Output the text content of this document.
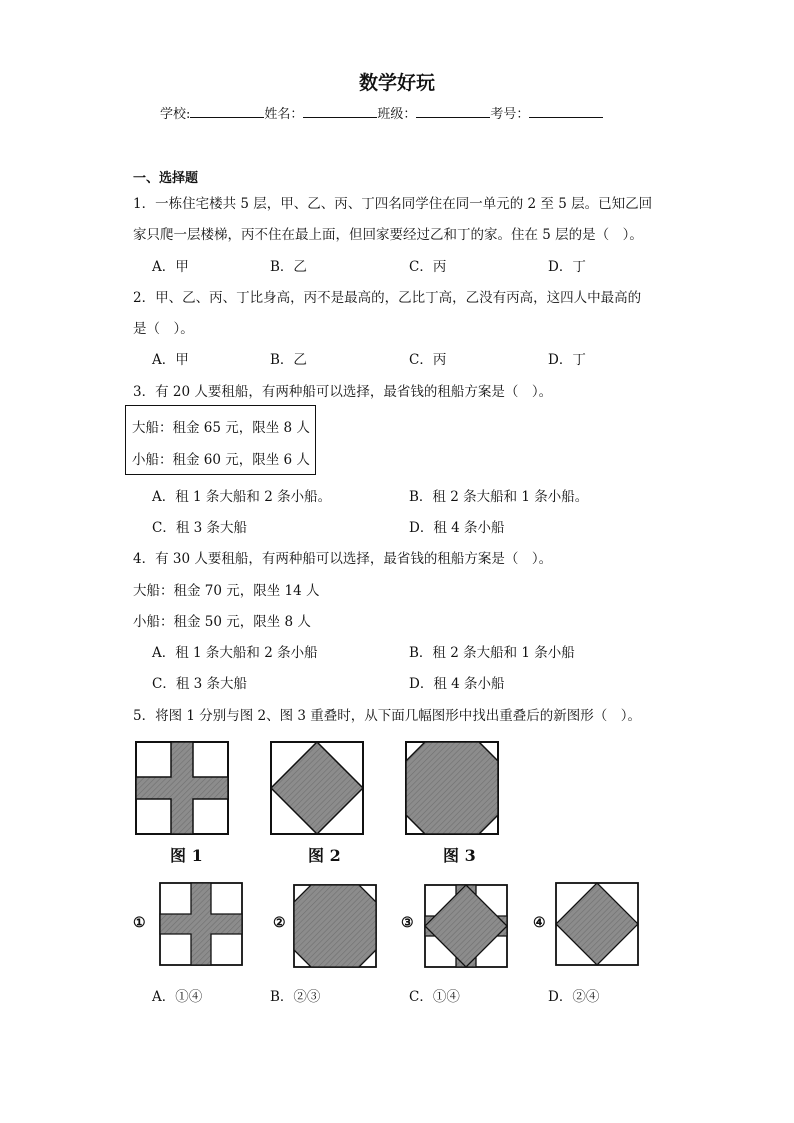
数学好玩
学校:	姓名：	班级：	考号：
一、选择题
1．一栋住宅楼共 5 层，甲、乙、丙、丁四名同学住在同一单元的 2 至 5 层。已知乙回
家只爬一层楼梯，丙不住在最上面，但回家要经过乙和丁的家。住在 5 层的是（　）。
A．甲	B．乙	C．丙	D．丁
2．甲、乙、丙、丁比身高，丙不是最高的，乙比丁高，乙没有丙高，这四人中最高的
是（　）。
A．甲	B．乙	C．丙	D．丁
3．有 20 人要租船，有两种船可以选择，最省钱的租船方案是（　）。
大船：租金 65 元，限坐 8 人
小船：租金 60 元，限坐 6 人
A．租 1 条大船和 2 条小船。	B．租 2 条大船和 1 条小船。
C．租 3 条大船	D．租 4 条小船
4．有 30 人要租船，有两种船可以选择，最省钱的租船方案是（　）。
大船：租金 70 元，限坐 14 人
小船：租金 50 元，限坐 8 人
A．租 1 条大船和 2 条小船	B．租 2 条大船和 1 条小船
C．租 3 条大船	D．租 4 条小船
5．将图 1 分别与图 2、图 3 重叠时，从下面几幅图形中找出重叠后的新图形（　）。
图 1	图 2	图 3
①	②	③	④
A．①④	B．②③	C．①④	D．②④
